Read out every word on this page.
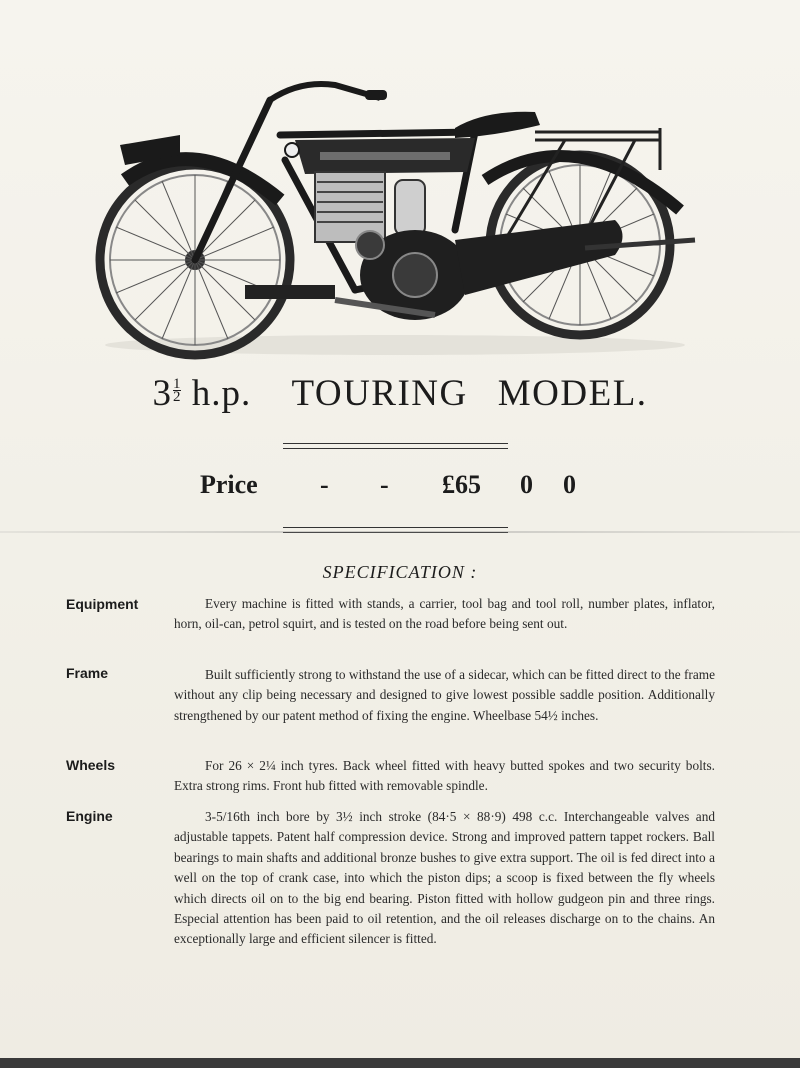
$3 \frac{1}{2} h.p$. TOURING MODEL.
Price - - £65 0 0
SPECIFICATION :
Equipment	Every machine is fitted with stands, a carrier, tool bag and tool roll, number plates, inflator, horn, oil-can, petrol squirt, and is tested on the road before being sent out.
Frame	Built sufficiently strong to withstand the use of a sidecar, which can be fitted direct to the frame without any clip being necessary and designed to give lowest possible saddle position. Additionally strengthened by our patent method of fixing the engine. Wheelbase 54½ inches.
Wheels	For 26 × 2¼ inch tyres. Back wheel fitted with heavy butted spokes and two security bolts. Extra strong rims. Front hub fitted with removable spindle.
Engine	3-5/16th inch bore by 3½ inch stroke (84·5 × 88·9) 498 c.c. Interchangeable valves and adjustable tappets. Patent half compression device. Strong and improved pattern tappet rockers. Ball bearings to main shafts and additional bronze bushes to give extra support. The oil is fed direct into a well on the top of crank case, into which the piston dips; a scoop is fixed between the fly wheels which directs oil on to the big end bearing. Piston fitted with hollow gudgeon pin and three rings. Especial attention has been paid to oil retention, and the oil releases discharge on to the chains. An exceptionally large and efficient silencer is fitted.
